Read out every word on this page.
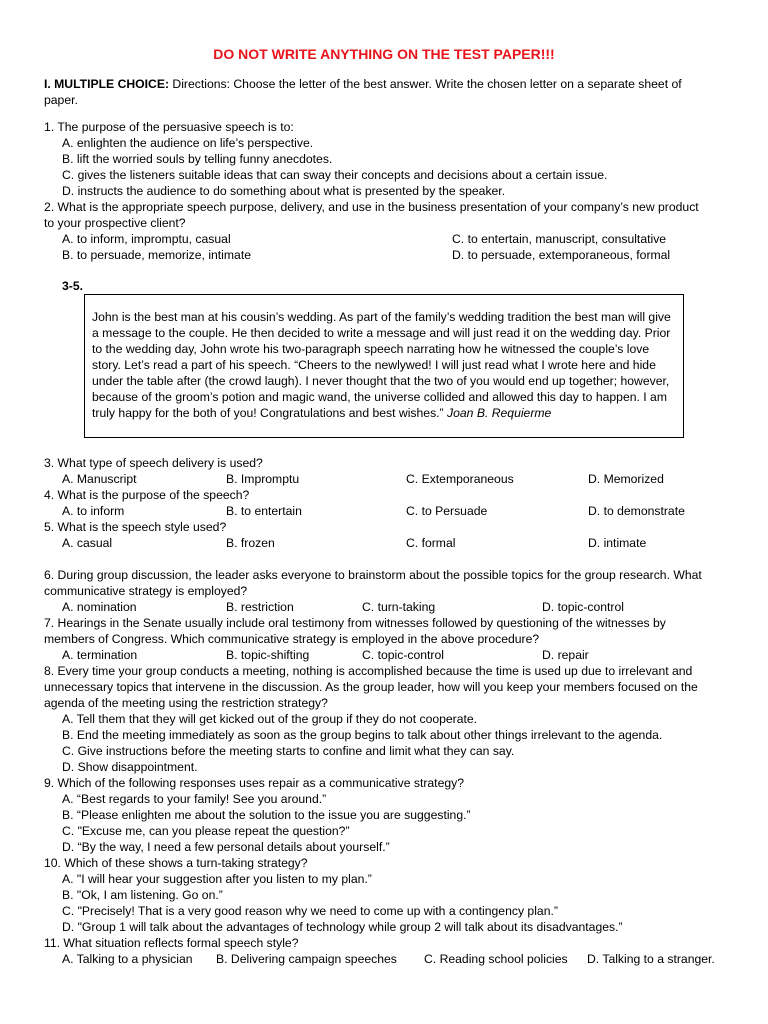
DO NOT WRITE ANYTHING ON THE TEST PAPER!!!
I. MULTIPLE CHOICE: Directions: Choose the letter of the best answer. Write the chosen letter on a separate sheet of
paper.
1. The purpose of the persuasive speech is to:
A. enlighten the audience on life’s perspective.
B. lift the worried souls by telling funny anecdotes.
C. gives the listeners suitable ideas that can sway their concepts and decisions about a certain issue.
D. instructs the audience to do something about what is presented by the speaker.
2. What is the appropriate speech purpose, delivery, and use in the business presentation of your company’s new product
to your prospective client?
A. to inform, impromptu, casual	C. to entertain, manuscript, consultative
B. to persuade, memorize, intimate	D. to persuade, extemporaneous, formal
3-5.
John is the best man at his cousin’s wedding. As part of the family’s wedding tradition the best man will give
a message to the couple. He then decided to write a message and will just read it on the wedding day. Prior
to the wedding day, John wrote his two-paragraph speech narrating how he witnessed the couple’s love
story. Let’s read a part of his speech. “Cheers to the newlywed! I will just read what I wrote here and hide
under the table after (the crowd laugh). I never thought that the two of you would end up together; however,
because of the groom’s potion and magic wand, the universe collided and allowed this day to happen. I am
truly happy for the both of you! Congratulations and best wishes.” Joan B. Requierme
3. What type of speech delivery is used?
A. Manuscript	B. Impromptu	C. Extemporaneous	D. Memorized
4. What is the purpose of the speech?
A. to inform	B. to entertain	C. to Persuade	D. to demonstrate
5. What is the speech style used?
A. casual	B. frozen	C. formal	D. intimate
6. During group discussion, the leader asks everyone to brainstorm about the possible topics for the group research. What
communicative strategy is employed?
A. nomination	B. restriction	C. turn-taking	D. topic-control
7. Hearings in the Senate usually include oral testimony from witnesses followed by questioning of the witnesses by
members of Congress. Which communicative strategy is employed in the above procedure?
A. termination	B. topic-shifting	C. topic-control	D. repair
8. Every time your group conducts a meeting, nothing is accomplished because the time is used up due to irrelevant and
unnecessary topics that intervene in the discussion. As the group leader, how will you keep your members focused on the
agenda of the meeting using the restriction strategy?
A. Tell them that they will get kicked out of the group if they do not cooperate.
B. End the meeting immediately as soon as the group begins to talk about other things irrelevant to the agenda.
C. Give instructions before the meeting starts to confine and limit what they can say.
D. Show disappointment.
9. Which of the following responses uses repair as a communicative strategy?
A. “Best regards to your family! See you around.”
B. “Please enlighten me about the solution to the issue you are suggesting.”
C. "Excuse me, can you please repeat the question?”
D. “By the way, I need a few personal details about yourself.”
10. Which of these shows a turn-taking strategy?
A. "I will hear your suggestion after you listen to my plan.”
B. "Ok, I am listening. Go on.”
C. "Precisely! That is a very good reason why we need to come up with a contingency plan.”
D. "Group 1 will talk about the advantages of technology while group 2 will talk about its disadvantages.”
11. What situation reflects formal speech style?
A. Talking to a physician B. Delivering campaign speeches C. Reading school policies D. Talking to a stranger.
